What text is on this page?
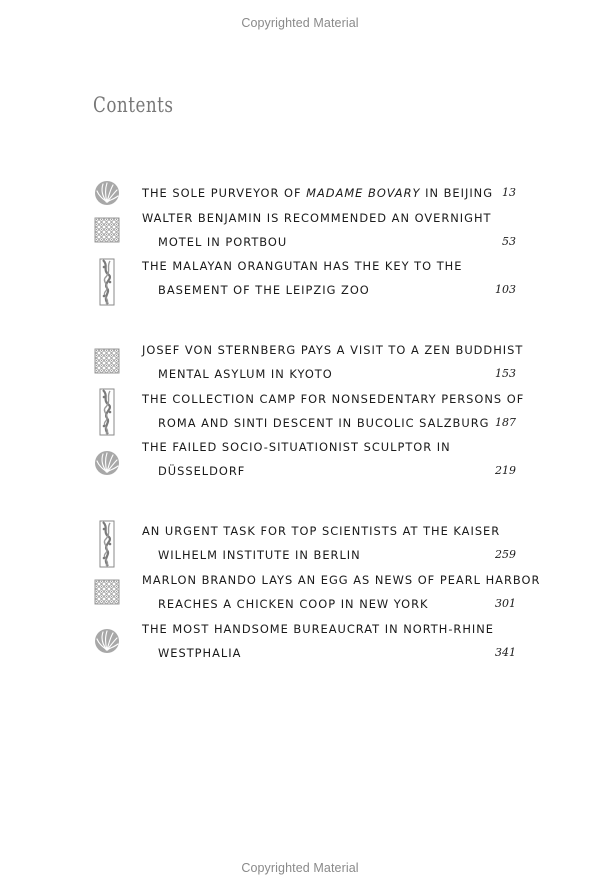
Copyrighted Material
Contents
THE SOLE PURVEYOR OF MADAME BOVARY IN BEIJING 13
WALTER BENJAMIN IS RECOMMENDED AN OVERNIGHT
MOTEL IN PORTBOU	53
THE MALAYAN ORANGUTAN HAS THE KEY TO THE
BASEMENT OF THE LEIPZIG ZOO	103
JOSEF VON STERNBERG PAYS A VISIT TO A ZEN BUDDHIST
MENTAL ASYLUM IN KYOTO	153
THE COLLECTION CAMP FOR NONSEDENTARY PERSONS OF
ROMA AND SINTI DESCENT IN BUCOLIC SALZBURG 187
THE FAILED SOCIO-SITUATIONIST SCULPTOR IN
DÜSSELDORF	219
AN URGENT TASK FOR TOP SCIENTISTS AT THE KAISER
WILHELM INSTITUTE IN BERLIN	259
MARLON BRANDO LAYS AN EGG AS NEWS OF PEARL HARBOR
REACHES A CHICKEN COOP IN NEW YORK	301
THE MOST HANDSOME BUREAUCRAT IN NORTH-RHINE
WESTPHALIA	341
Copyrighted Material
